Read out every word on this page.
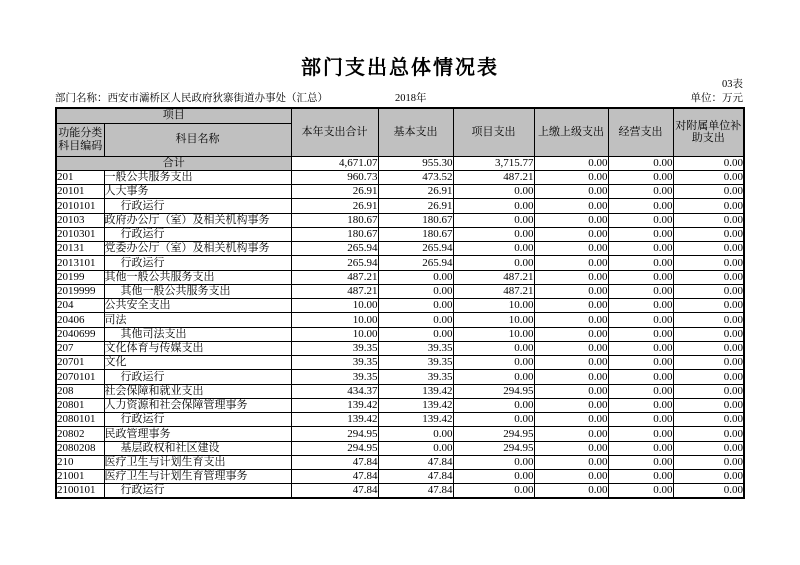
部门支出总体情况表
03表
部门名称：西安市灞桥区人民政府狄寨街道办事处（汇总）	2018年	单位：万元
项目		本年支出合计	基本支出	项目支出	上缴上级支出	经营支出	对附属单位补助支出

功能分类
科目编码	科目名称						
合计		4,671.07	955.30	3,715.77	0.00	0.00	0.00
201	一般公共服务支出	960.73	473.52	487.21	0.00	0.00	0.00
20101	人大事务	26.91	26.91	0.00	0.00	0.00	0.00
2010101	行政运行	26.91	26.91	0.00	0.00	0.00	0.00
20103	政府办公厅（室）及相关机构事务	180.67	180.67	0.00	0.00	0.00	0.00
2010301	行政运行	180.67	180.67	0.00	0.00	0.00	0.00
20131	党委办公厅（室）及相关机构事务	265.94	265.94	0.00	0.00	0.00	0.00
2013101	行政运行	265.94	265.94	0.00	0.00	0.00	0.00
20199	其他一般公共服务支出	487.21	0.00	487.21	0.00	0.00	0.00
2019999	其他一般公共服务支出	487.21	0.00	487.21	0.00	0.00	0.00
204	公共安全支出	10.00	0.00	10.00	0.00	0.00	0.00
20406	司法	10.00	0.00	10.00	0.00	0.00	0.00
2040699	其他司法支出	10.00	0.00	10.00	0.00	0.00	0.00
207	文化体育与传媒支出	39.35	39.35	0.00	0.00	0.00	0.00
20701	文化	39.35	39.35	0.00	0.00	0.00	0.00
2070101	行政运行	39.35	39.35	0.00	0.00	0.00	0.00
208	社会保障和就业支出	434.37	139.42	294.95	0.00	0.00	0.00
20801	人力资源和社会保障管理事务	139.42	139.42	0.00	0.00	0.00	0.00
2080101	行政运行	139.42	139.42	0.00	0.00	0.00	0.00
20802	民政管理事务	294.95	0.00	294.95	0.00	0.00	0.00
2080208	基层政权和社区建设	294.95	0.00	294.95	0.00	0.00	0.00
210	医疗卫生与计划生育支出	47.84	47.84	0.00	0.00	0.00	0.00
21001	医疗卫生与计划生育管理事务	47.84	47.84	0.00	0.00	0.00	0.00
2100101	行政运行	47.84	47.84	0.00	0.00	0.00	0.00
